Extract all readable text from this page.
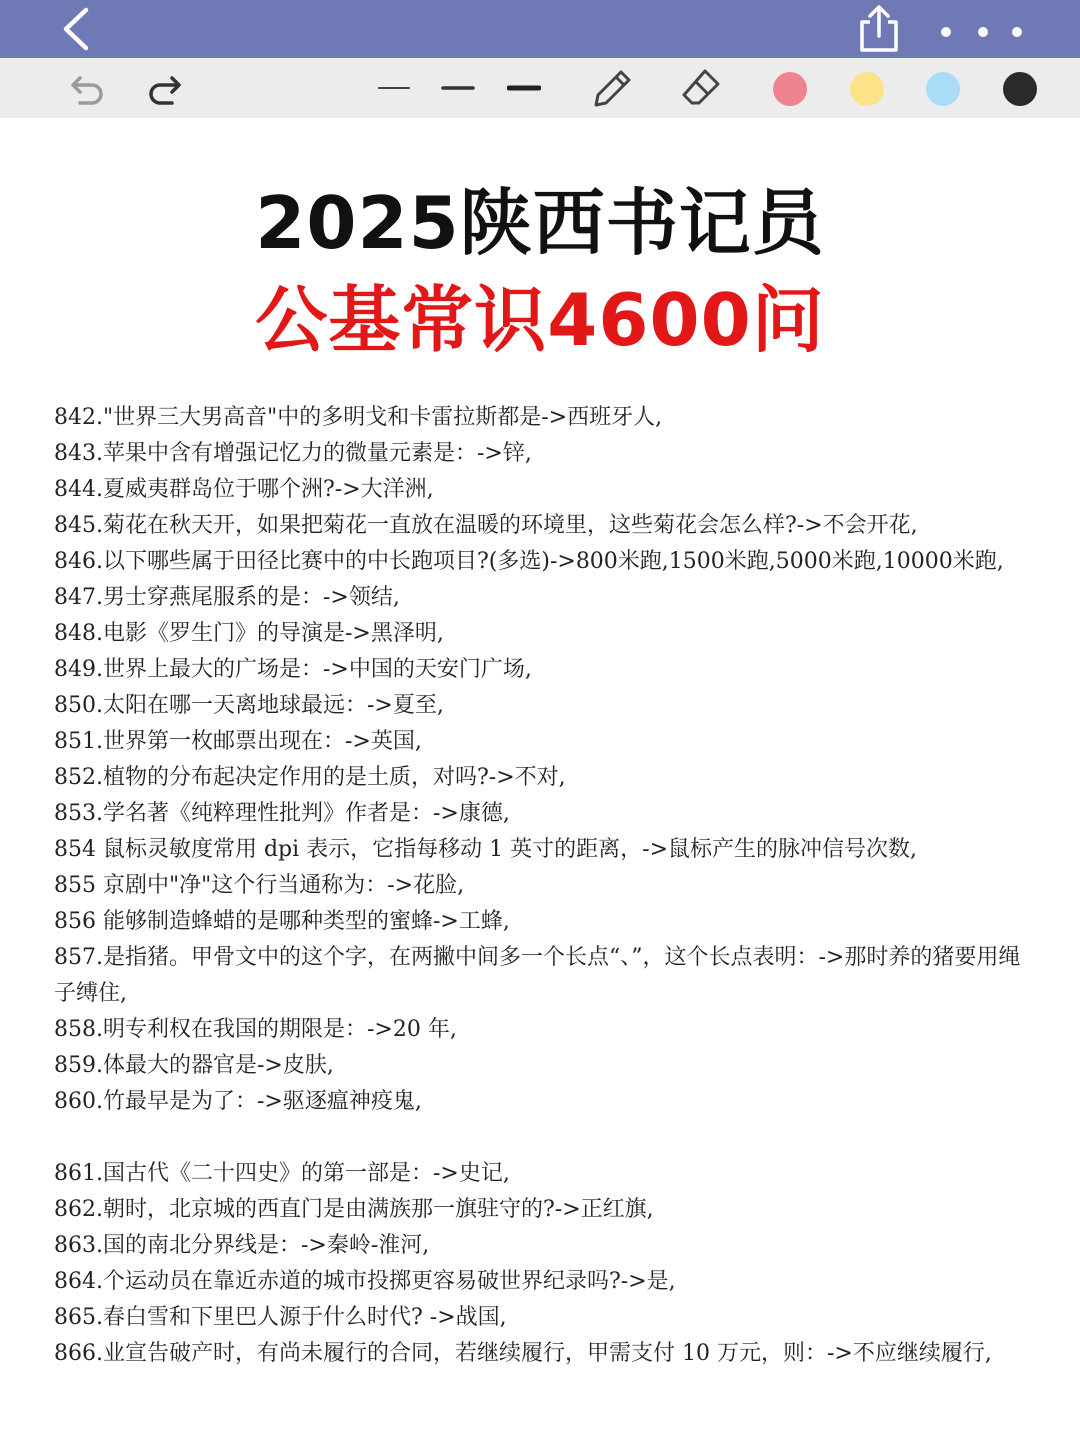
2025陕西书记员
公基常识4600问

842."世界三大男高音"中的多明戈和卡雷拉斯都是->西班牙人,

843.苹果中含有增强记忆力的微量元素是：->锌,

844.夏威夷群岛位于哪个洲?->大洋洲,

845.菊花在秋天开，如果把菊花一直放在温暖的环境里，这些菊花会怎么样?->不会开花,

846.以下哪些属于田径比赛中的中长跑项目?(多选)->800米跑,1500米跑,5000米跑,10000米跑,

847.男士穿燕尾服系的是：->领结,

848.电影《罗生门》的导演是->黑泽明,

849.世界上最大的广场是：->中国的天安门广场,

850.太阳在哪一天离地球最远：->夏至,

851.世界第一枚邮票出现在：->英国,

852.植物的分布起决定作用的是土质，对吗?->不对,

853.学名著《纯粹理性批判》作者是：->康德,

854 鼠标灵敏度常用 dpi 表示，它指每移动 1 英寸的距离，->鼠标产生的脉冲信号次数,

855 京剧中"净"这个行当通称为：->花脸,

856 能够制造蜂蜡的是哪种类型的蜜蜂->工蜂,

857.是指猪。甲骨文中的这个字，在两撇中间多一个长点“、”，这个长点表明：->那时养的猪要用绳子缚住,

858.明专利权在我国的期限是：->20 年,

859.体最大的器官是->皮肤,

860.竹最早是为了：->驱逐瘟神疫鬼,

861.国古代《二十四史》的第一部是：->史记,

862.朝时，北京城的西直门是由满族那一旗驻守的?->正红旗,

863.国的南北分界线是：->秦岭-淮河,

864.个运动员在靠近赤道的城市投掷更容易破世界纪录吗?->是,

865.春白雪和下里巴人源于什么时代? ->战国,

866.业宣告破产时，有尚未履行的合同，若继续履行，甲需支付 10 万元，则：->不应继续履行,
